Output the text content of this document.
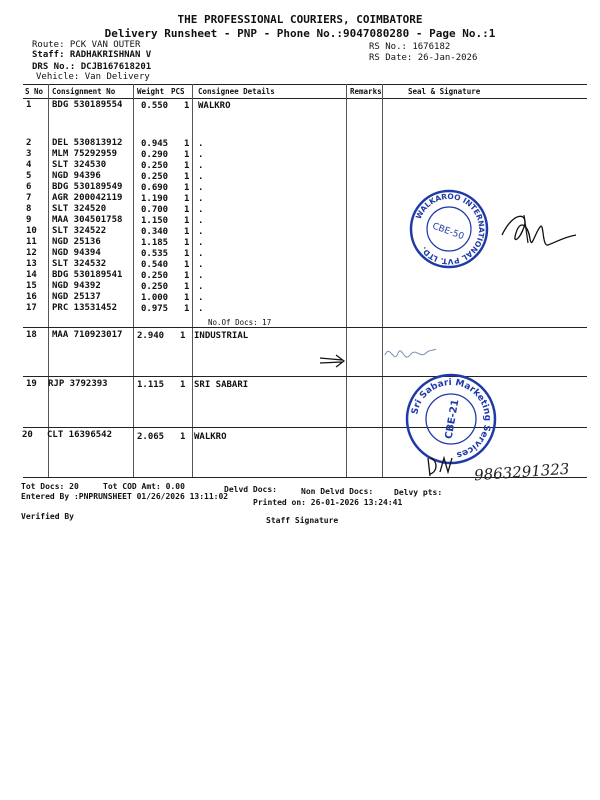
THE PROFESSIONAL COURIERS, COIMBATORE
Delivery Runsheet - PNP - Phone No.:9047080280 - Page No.:1
Route: PCK VAN OUTER
Staff: RADHAKRISHNAN V
DRS No.: DCJB167618201
Vehicle: Van Delivery
RS No.: 1676182
RS Date: 26-Jan-2026
S No Consignment No	Weight PCS Consignee Details	Remarks	Seal & Signature
1 BDG 530189554 0.550 1 WALKRO
2 DEL 530813912 0.945 1 .
3 MLM 75292959	0.290 1 .
4 SLT 324530	0.250 1 .
5 NGD 94396	0.250 1 .
6 BDG 530189549 0.690 1 .
7 AGR 200042119 1.190 1 .
8 SLT 324520	0.700 1 .
9 MAA 304501758 1.150 1 .
10 SLT 324522	0.340 1 .
11 NGD 25136	1.185 1 .
12 NGD 94394	0.535 1 .
13 SLT 324532	0.540 1 .
14 BDG 530189541 0.250 1 .
15 NGD 94392	0.250 1 .
16 NGD 25137	1.000 1 .
17 PRC 13531452	0.975 1 .
No.Of Docs: 17
18 MAA 710923017 2.940 1 INDUSTRIAL
19 RJP 3792393	1.115 1 SRI SABARI
20 CLT 16396542	2.065 1 WALKRO
WALKAROO INTERNATIONAL PVT. LTD.
CBE-50
Sri Sabari Marketing Services
CBE-21
9863291323
Tot Docs: 20	Tot COD Amt: 0.00	Delvd Docs:	Non Delvd Docs:	Delvy pts:
Entered By :PNPRUNSHEET 01/26/2026 13:11:02
Printed on: 26-01-2026 13:24:41
Verified By	Staff Signature
